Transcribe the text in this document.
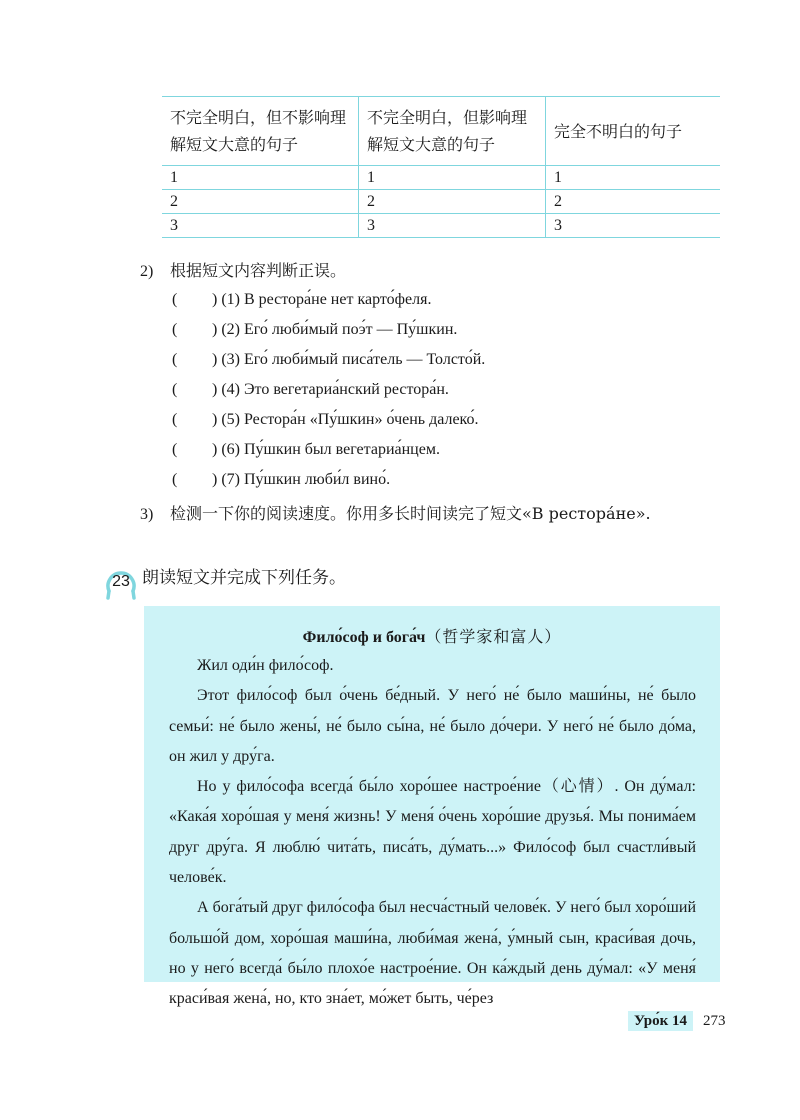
不完全明白，但不影响理解短文大意的句子	不完全明白，但影响理解短文大意的句子	完全不明白的句子
1	1	1
2	2	2
3	3	3
2) 根据短文内容判断正误。
( ) (1) В рестора́не нет карто́феля.
( ) (2) Его́ люби́мый поэ́т — Пу́шкин.
( ) (3) Его́ люби́мый писа́тель — Толсто́й.
( ) (4) Это вегетариа́нский рестора́н.
( ) (5) Рестора́н «Пу́шкин» о́чень далеко́.
( ) (6) Пу́шкин был вегетариа́нцем.
( ) (7) Пу́шкин люби́л вино́.
3) 检测一下你的阅读速度。你用多长时间读完了短文«В рестора́не».
23 朗读短文并完成下列任务。
Фило́соф и бога́ч（哲学家和富人）

Жил оди́н фило́соф.

Этот фило́соф был о́чень бе́дный. У него́ не́ было маши́ны, не́ было семьи́: не́ было жены́, не́ было сы́на, не́ было до́чери. У него́ не́ было до́ма, он жил у дру́га.

Но у фило́софа всегда́ бы́ло хоро́шее настрое́ние（心情）. Он ду́мал: «Кака́я хоро́шая у меня́ жизнь! У меня́ о́чень хоро́шие друзья́. Мы понима́ем друг дру́га. Я люблю́ чита́ть, писа́ть, ду́мать...» Фило́соф был счастли́вый челове́к.

А бога́тый друг фило́софа был несча́стный челове́к. У него́ был хоро́ший большо́й дом, хоро́шая маши́на, люби́мая жена́, у́мный сын, краси́вая дочь, но у него́ всегда́ бы́ло плохо́е настрое́ние. Он ка́ждый день ду́мал: «У меня́ краси́вая жена́, но, кто зна́ет, мо́жет быть, че́рез

Уро́к 14	273
